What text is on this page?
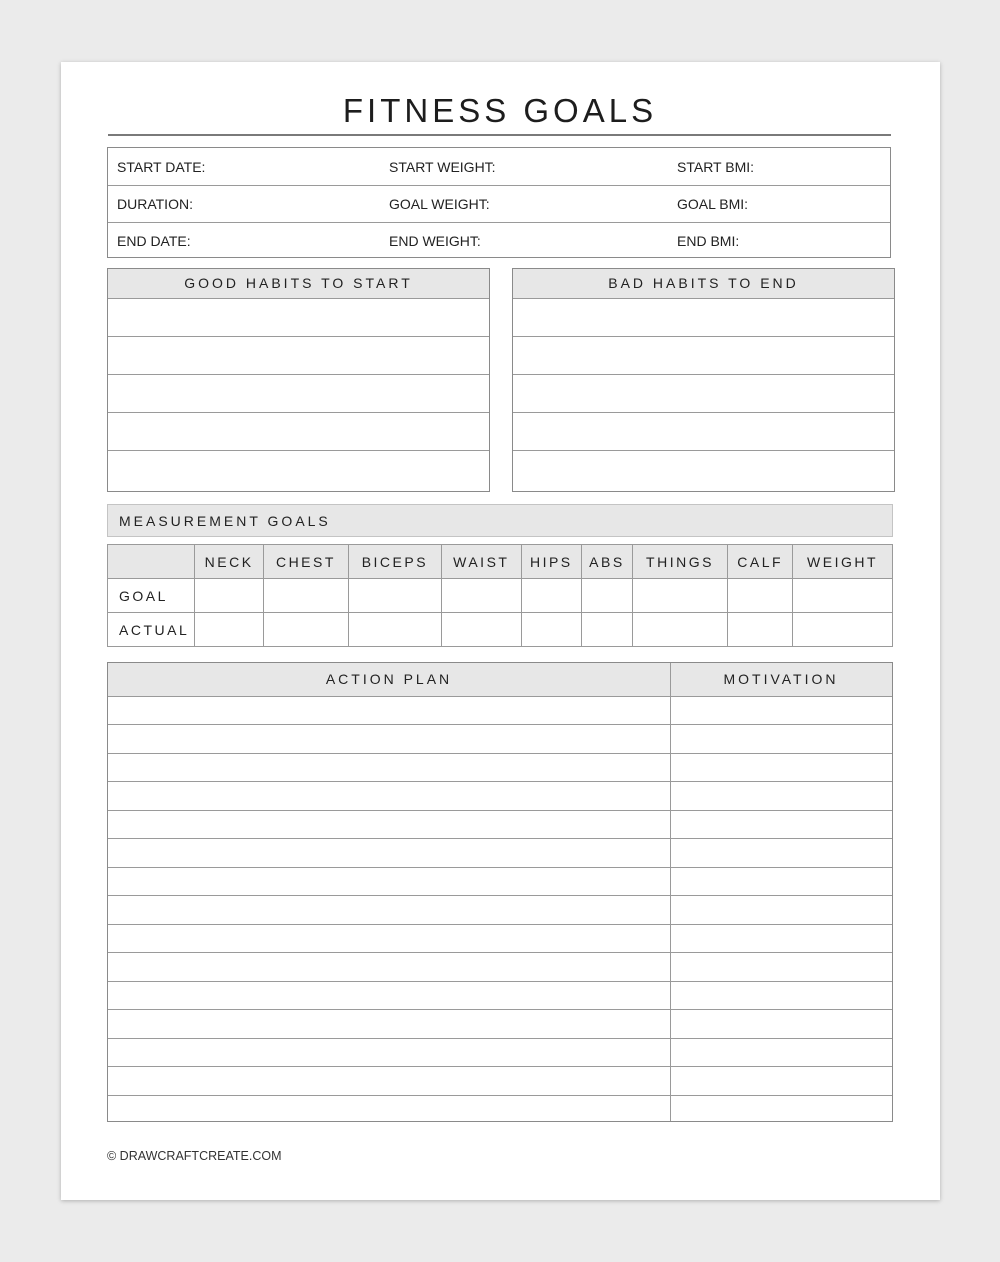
FITNESS GOALS
START DATE:	START WEIGHT:	START BMI:
DURATION:	GOAL WEIGHT:	GOAL BMI:
END DATE:	END WEIGHT:	END BMI:
GOOD HABITS TO START	BAD HABITS TO END
MEASUREMENT GOALS
	NECK	CHEST	BICEPS	WAIST	HIPS	ABS	THINGS	CALF	WEIGHT
GOAL									
ACTUAL									
ACTION PLAN	MOTIVATION
© DRAWCRAFTCREATE.COM
